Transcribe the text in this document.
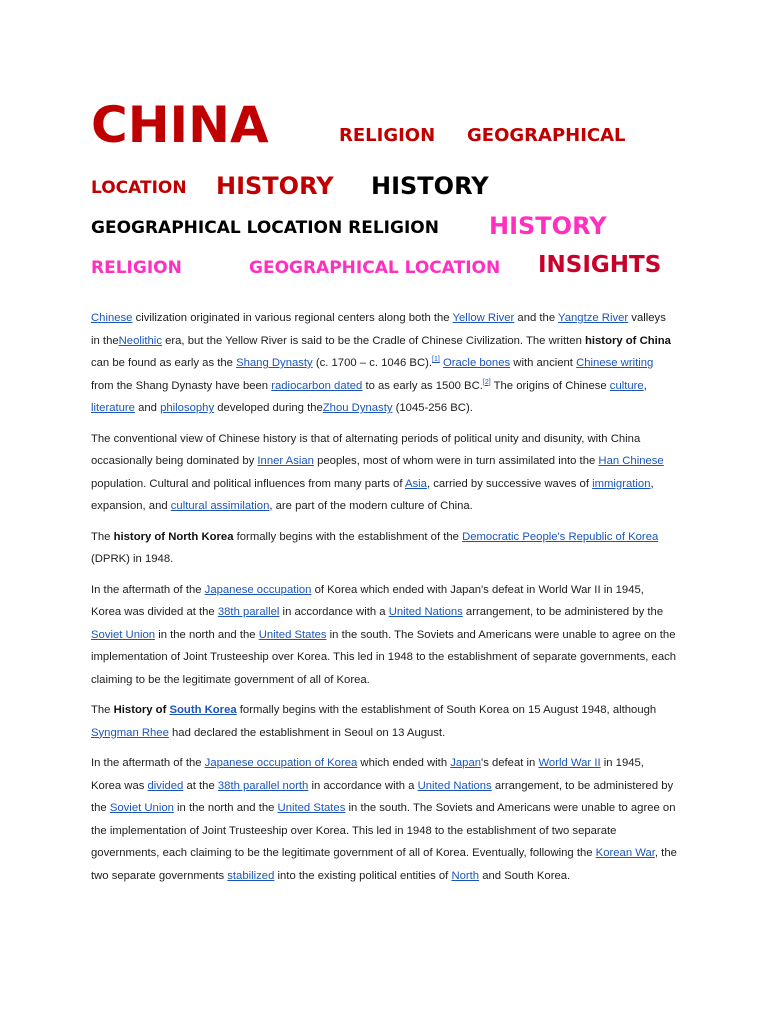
CHINA	RELIGION GEOGRAPHICAL
LOCATION HISTORY HISTORY
GEOGRAPHICAL LOCATION RELIGION HISTORY
RELIGION	GEOGRAPHICAL LOCATION INSIGHTS

Chinese civilization originated in various regional centers along both the Yellow River and the Yangtze River valleys in theNeolithic era, but the Yellow River is said to be the Cradle of Chinese Civilization. The written history of China can be found as early as the Shang Dynasty (c. 1700 – c. 1046 BC).[1] Oracle bones with ancient Chinese writing from the Shang Dynasty have been radiocarbon dated to as early as 1500 BC.[2] The origins of Chinese culture, literature and philosophy developed during theZhou Dynasty (1045-256 BC).

The conventional view of Chinese history is that of alternating periods of political unity and disunity, with China occasionally being dominated by Inner Asian peoples, most of whom were in turn assimilated into the Han Chinese population. Cultural and political influences from many parts of Asia, carried by successive waves of immigration, expansion, and cultural assimilation, are part of the modern culture of China.

The history of North Korea formally begins with the establishment of the Democratic People's Republic of Korea (DPRK) in 1948.

In the aftermath of the Japanese occupation of Korea which ended with Japan's defeat in World War II in 1945, Korea was divided at the 38th parallel in accordance with a United Nations arrangement, to be administered by the Soviet Union in the north and the United States in the south. The Soviets and Americans were unable to agree on the implementation of Joint Trusteeship over Korea. This led in 1948 to the establishment of separate governments, each claiming to be the legitimate government of all of Korea.

The History of South Korea formally begins with the establishment of South Korea on 15 August 1948, although Syngman Rhee had declared the establishment in Seoul on 13 August.

In the aftermath of the Japanese occupation of Korea which ended with Japan's defeat in World War II in 1945, Korea was divided at the 38th parallel north in accordance with a United Nations arrangement, to be administered by the Soviet Union in the north and the United States in the south. The Soviets and Americans were unable to agree on the implementation of Joint Trusteeship over Korea. This led in 1948 to the establishment of two separate governments, each claiming to be the legitimate government of all of Korea. Eventually, following the Korean War, the two separate governments stabilized into the existing political entities of North and South Korea.
